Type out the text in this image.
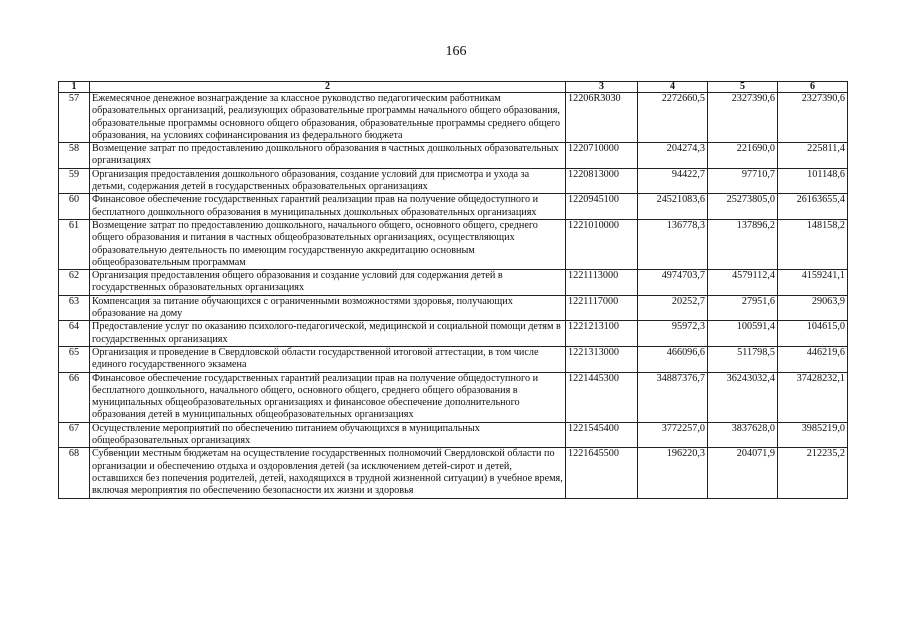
166
1	2	3	4	5	6
57	Ежемесячное денежное вознаграждение за классное руководство педагогическим работникам образовательных организаций, реализующих образовательные программы начального общего образования, образовательные программы основного общего образования, образовательные программы среднего общего образования, на условиях софинансирования из федерального бюджета	12206R3030	2272660,5	2327390,6	2327390,6
58	Возмещение затрат по предоставлению дошкольного образования в частных дошкольных образовательных организациях	1220710000	204274,3	221690,0	225811,4
59	Организация предоставления дошкольного образования, создание условий для присмотра и ухода за детьми, содержания детей в государственных образовательных организациях	1220813000	94422,7	97710,7	101148,6
60	Финансовое обеспечение государственных гарантий реализации прав на получение общедоступного и бесплатного дошкольного образования в муниципальных дошкольных образовательных организациях	1220945100	24521083,6	25273805,0	26163655,4
61	Возмещение затрат по предоставлению дошкольного, начального общего, основного общего, среднего общего образования и питания в частных общеобразовательных организациях, осуществляющих образовательную деятельность по имеющим государственную аккредитацию основным общеобразовательным программам	1221010000	136778,3	137896,2	148158,2
62	Организация предоставления общего образования и создание условий для содержания детей в государственных образовательных организациях	1221113000	4974703,7	4579112,4	4159241,1
63	Компенсация за питание обучающихся с ограниченными возможностями здоровья, получающих образование на дому	1221117000	20252,7	27951,6	29063,9
64	Предоставление услуг по оказанию психолого-педагогической, медицинской и социальной помощи детям в государственных организациях	1221213100	95972,3	100591,4	104615,0
65	Организация и проведение в Свердловской области государственной итоговой аттестации, в том числе единого государственного экзамена	1221313000	466096,6	511798,5	446219,6
66	Финансовое обеспечение государственных гарантий реализации прав на получение общедоступного и бесплатного дошкольного, начального общего, основного общего, среднего общего образования в муниципальных общеобразовательных организациях и финансовое обеспечение дополнительного образования детей в муниципальных общеобразовательных организациях	1221445300	34887376,7	36243032,4	37428232,1
67	Осуществление мероприятий по обеспечению питанием обучающихся в муниципальных общеобразовательных организациях	1221545400	3772257,0	3837628,0	3985219,0
68	Субвенции местным бюджетам на осуществление государственных полномочий Свердловской области по организации и обеспечению отдыха и оздоровления детей (за исключением детей-сирот и детей, оставшихся без попечения родителей, детей, находящихся в трудной жизненной ситуации) в учебное время, включая мероприятия по обеспечению безопасности их жизни и здоровья	1221645500	196220,3	204071,9	212235,2
